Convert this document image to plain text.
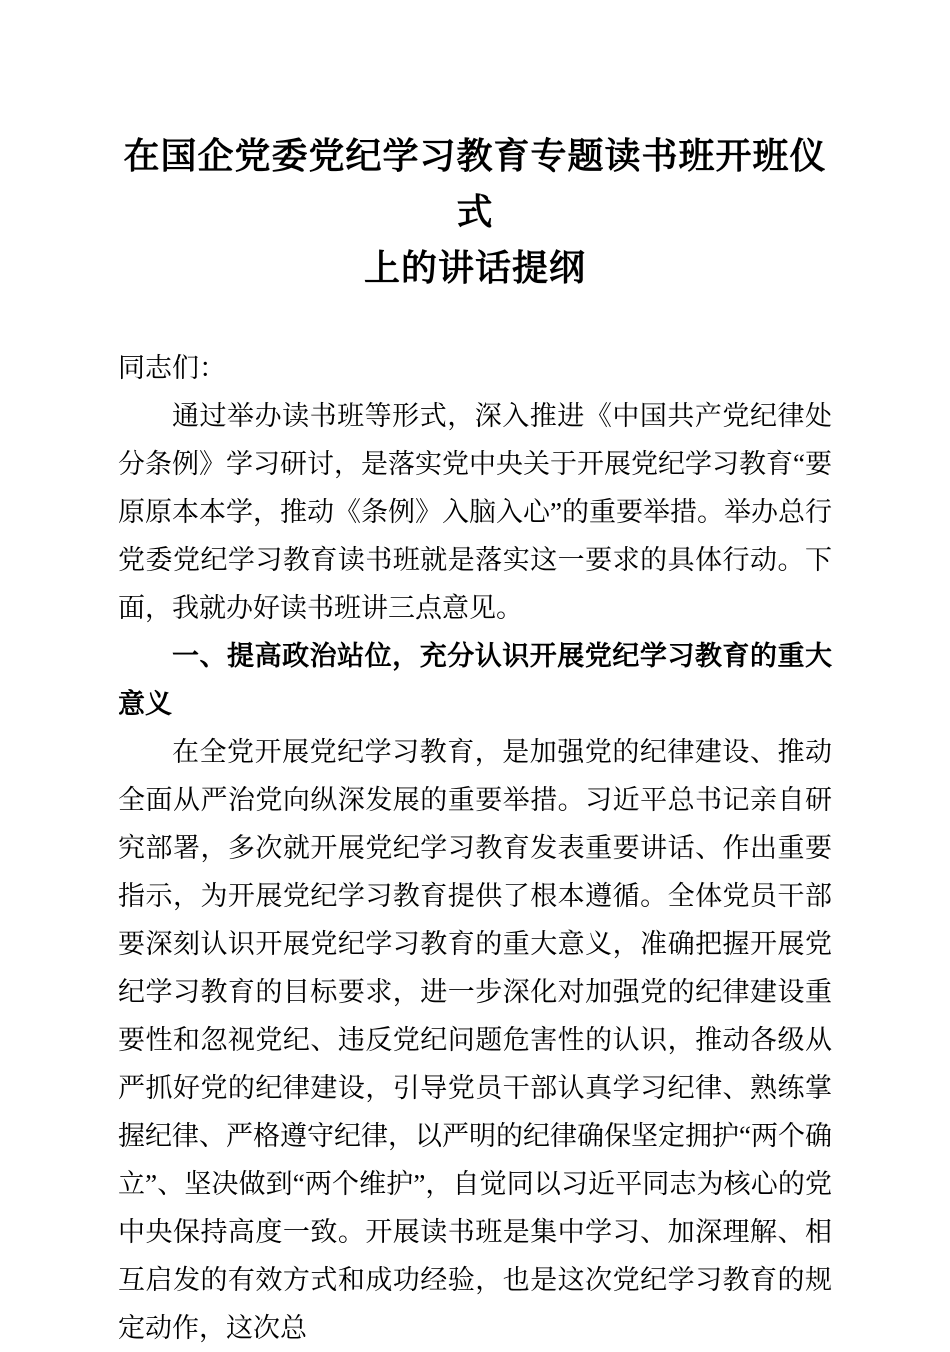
在国企党委党纪学习教育专题读书班开班仪式
上的讲话提纲

同志们：

通过举办读书班等形式，深入推进《中国共产党纪律处分条例》学习研讨，是落实党中央关于开展党纪学习教育“要原原本本学，推动《条例》入脑入心”的重要举措。举办总行党委党纪学习教育读书班就是落实这一要求的具体行动。下面，我就办好读书班讲三点意见。

一、提高政治站位，充分认识开展党纪学习教育的重大意义

在全党开展党纪学习教育，是加强党的纪律建设、推动全面从严治党向纵深发展的重要举措。习近平总书记亲自研究部署，多次就开展党纪学习教育发表重要讲话、作出重要指示，为开展党纪学习教育提供了根本遵循。全体党员干部要深刻认识开展党纪学习教育的重大意义，准确把握开展党纪学习教育的目标要求，进一步深化对加强党的纪律建设重要性和忽视党纪、违反党纪问题危害性的认识，推动各级从严抓好党的纪律建设，引导党员干部认真学习纪律、熟练掌握纪律、严格遵守纪律，以严明的纪律确保坚定拥护“两个确立”、坚决做到“两个维护”，自觉同以习近平同志为核心的党中央保持高度一致。开展读书班是集中学习、加深理解、相互启发的有效方式和成功经验，也是这次党纪学习教育的规定动作，这次总
